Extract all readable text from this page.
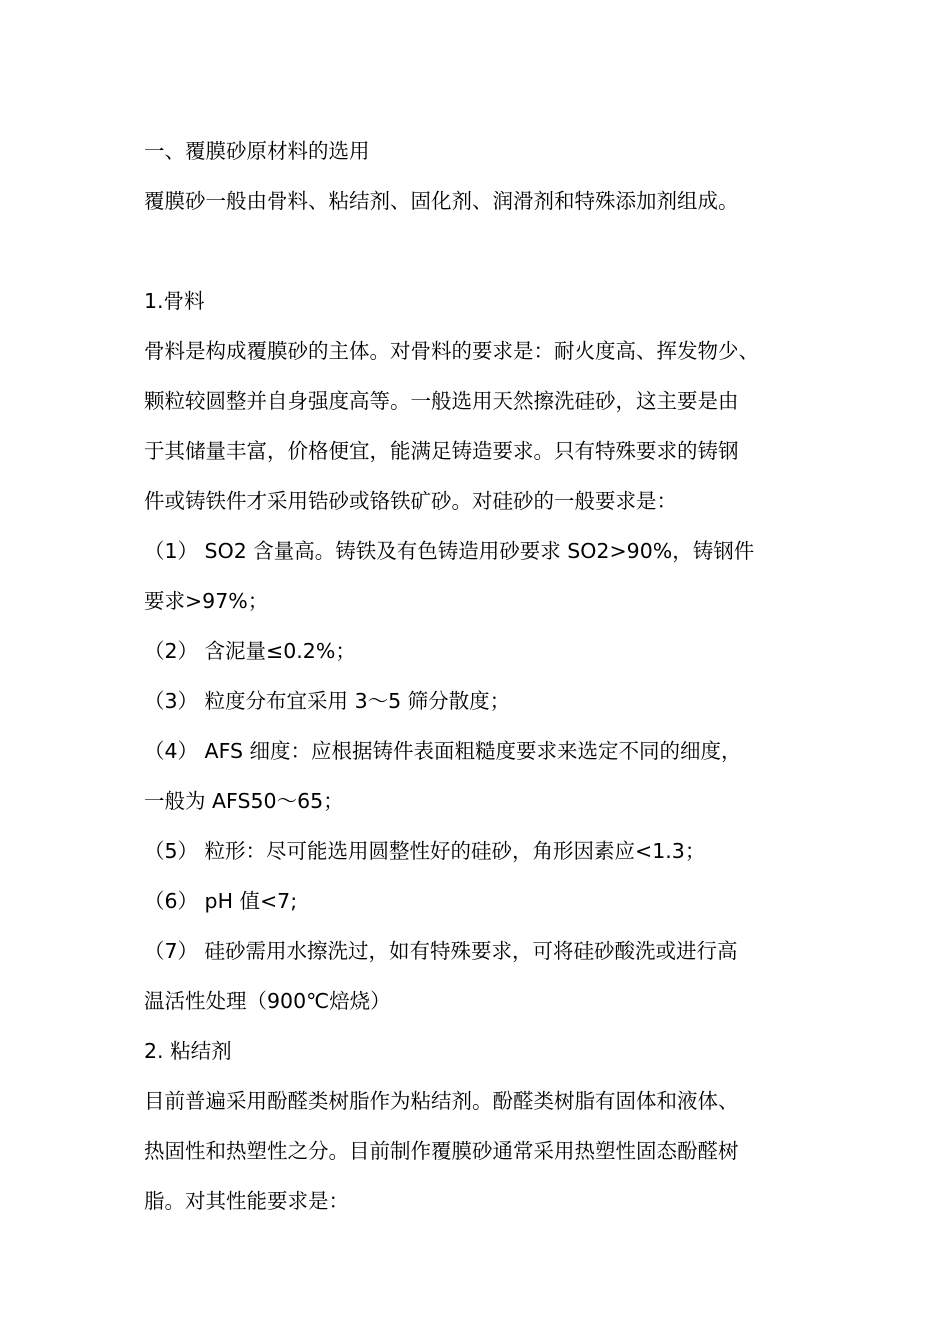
一、覆膜砂原材料的选用
覆膜砂一般由骨料、粘结剂、固化剂、润滑剂和特殊添加剂组成。
1.骨料
骨料是构成覆膜砂的主体。对骨料的要求是：耐火度高、挥发物少、
颗粒较圆整并自身强度高等。一般选用天然擦洗硅砂，这主要是由
于其储量丰富，价格便宜，能满足铸造要求。只有特殊要求的铸钢
件或铸铁件才采用锆砂或铬铁矿砂。对硅砂的一般要求是：
（1） SO2 含量高。铸铁及有色铸造用砂要求 SO2>90%，铸钢件
要求>97%；
（2） 含泥量≤0.2%；
（3） 粒度分布宜采用 3～5 筛分散度；
（4） AFS 细度：应根据铸件表面粗糙度要求来选定不同的细度，
一般为 AFS50～65；
（5） 粒形：尽可能选用圆整性好的硅砂，角形因素应<1.3；
（6） pH 值<7;
（7） 硅砂需用水擦洗过，如有特殊要求，可将硅砂酸洗或进行高
温活性处理（900℃焙烧）
2. 粘结剂
目前普遍采用酚醛类树脂作为粘结剂。酚醛类树脂有固体和液体、
热固性和热塑性之分。目前制作覆膜砂通常采用热塑性固态酚醛树
脂。对其性能要求是：
